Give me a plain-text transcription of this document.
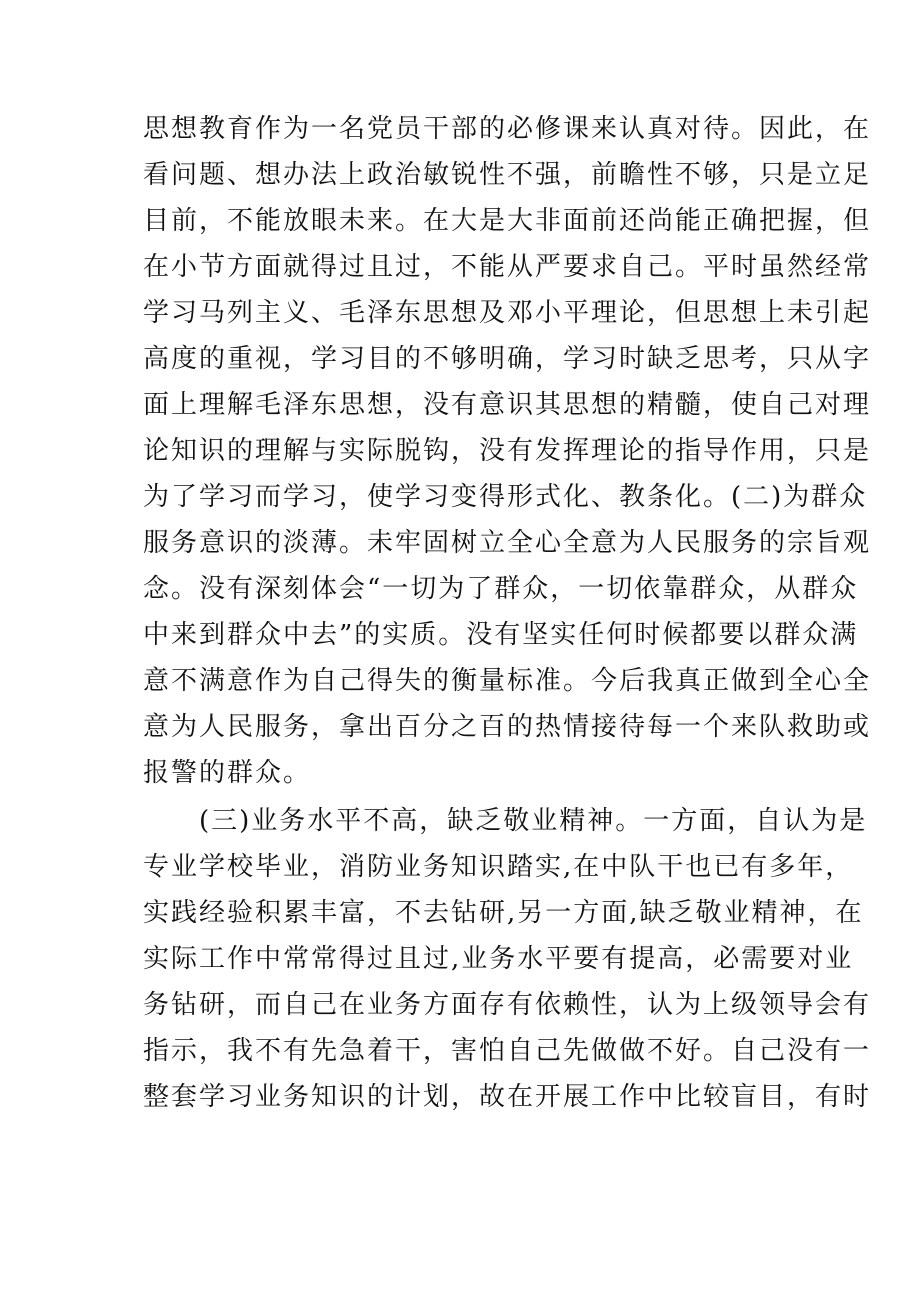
思想教育作为一名党员干部的必修课来认真对待。因此，在
看问题、想办法上政治敏锐性不强，前瞻性不够，只是立足
目前，不能放眼未来。在大是大非面前还尚能正确把握，但
在小节方面就得过且过，不能从严要求自己。平时虽然经常
学习马列主义、毛泽东思想及邓小平理论，但思想上未引起
高度的重视，学习目的不够明确，学习时缺乏思考，只从字
面上理解毛泽东思想，没有意识其思想的精髓，使自己对理
论知识的理解与实际脱钩，没有发挥理论的指导作用，只是
为了学习而学习，使学习变得形式化、教条化。(二)为群众
服务意识的淡薄。未牢固树立全心全意为人民服务的宗旨观
念。没有深刻体会“一切为了群众，一切依靠群众，从群众
中来到群众中去”的实质。没有坚实任何时候都要以群众满
意不满意作为自己得失的衡量标准。今后我真正做到全心全
意为人民服务，拿出百分之百的热情接待每一个来队救助或
报警的群众。
　　(三)业务水平不高，缺乏敬业精神。一方面，自认为是
专业学校毕业，消防业务知识踏实,在中队干也已有多年，
实践经验积累丰富，不去钻研,另一方面,缺乏敬业精神，在
实际工作中常常得过且过,业务水平要有提高，必需要对业
务钻研，而自己在业务方面存有依赖性，认为上级领导会有
指示，我不有先急着干，害怕自己先做做不好。自己没有一
整套学习业务知识的计划，故在开展工作中比较盲目，有时
